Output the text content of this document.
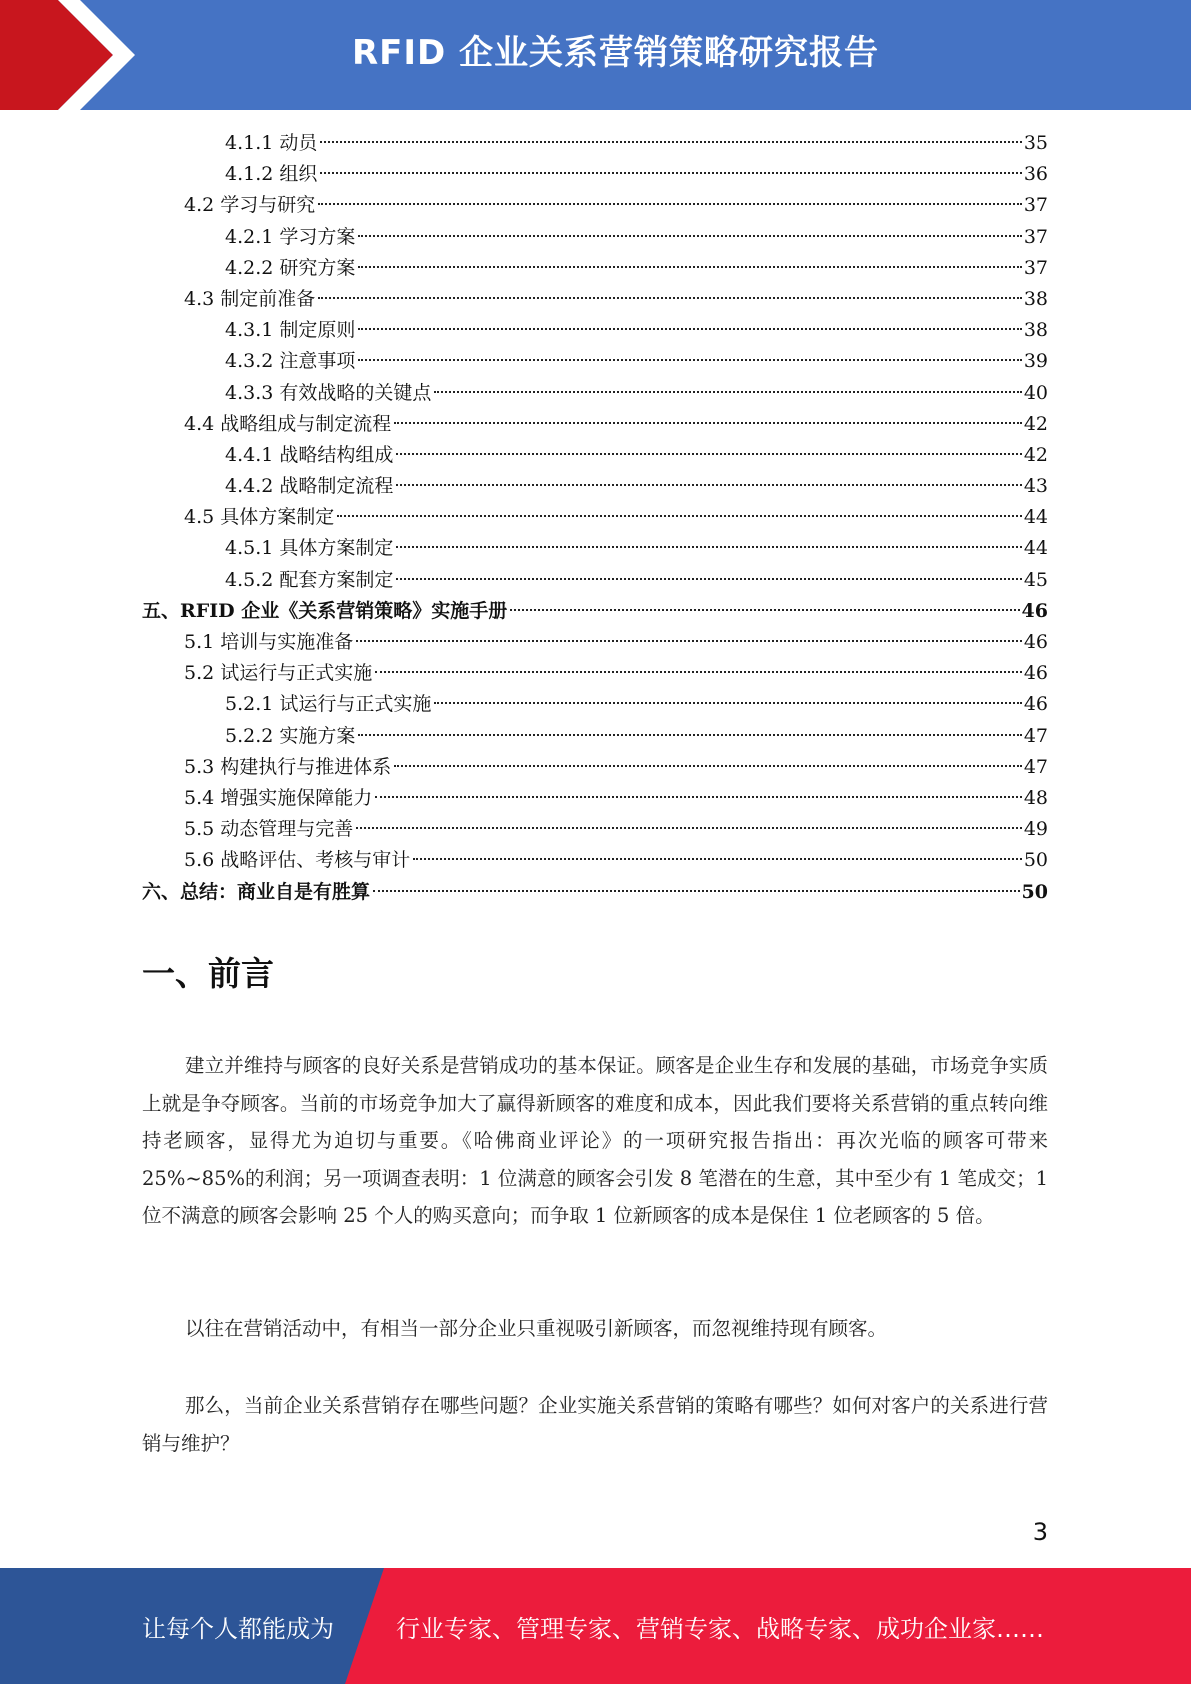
RFID 企业关系营销策略研究报告
4.1.1 动员	35
4.1.2 组织	36
4.2 学习与研究	37
4.2.1 学习方案	37
4.2.2 研究方案	37
4.3 制定前准备	38
4.3.1 制定原则	38
4.3.2 注意事项	39
4.3.3 有效战略的关键点	40
4.4 战略组成与制定流程	42
4.4.1 战略结构组成	42
4.4.2 战略制定流程	43
4.5 具体方案制定	44
4.5.1 具体方案制定	44
4.5.2 配套方案制定	45
五、RFID 企业《关系营销策略》实施手册	46
5.1 培训与实施准备	46
5.2 试运行与正式实施	46
5.2.1 试运行与正式实施	46
5.2.2 实施方案	47
5.3 构建执行与推进体系	47
5.4 增强实施保障能力	48
5.5 动态管理与完善	49
5.6 战略评估、考核与审计	50
六、总结：商业自是有胜算	50
一、前言
建立并维持与顾客的良好关系是营销成功的基本保证。顾客是企业生存和发展的基础，市场竞争实质上就是争夺顾客。当前的市场竞争加大了赢得新顾客的难度和成本，因此我们要将关系营销的重点转向维持老顾客，显得尤为迫切与重要。《哈佛商业评论》的一项研究报告指出：再次光临的顾客可带来 25%~85%的利润；另一项调查表明：1 位满意的顾客会引发 8 笔潜在的生意，其中至少有 1 笔成交；1 位不满意的顾客会影响 25 个人的购买意向；而争取 1 位新顾客的成本是保住 1 位老顾客的 5 倍。
以往在营销活动中，有相当一部分企业只重视吸引新顾客，而忽视维持现有顾客。
那么，当前企业关系营销存在哪些问题？企业实施关系营销的策略有哪些？如何对客户的关系进行营销与维护？
3
让每个人都能成为	行业专家、管理专家、营销专家、战略专家、成功企业家……
